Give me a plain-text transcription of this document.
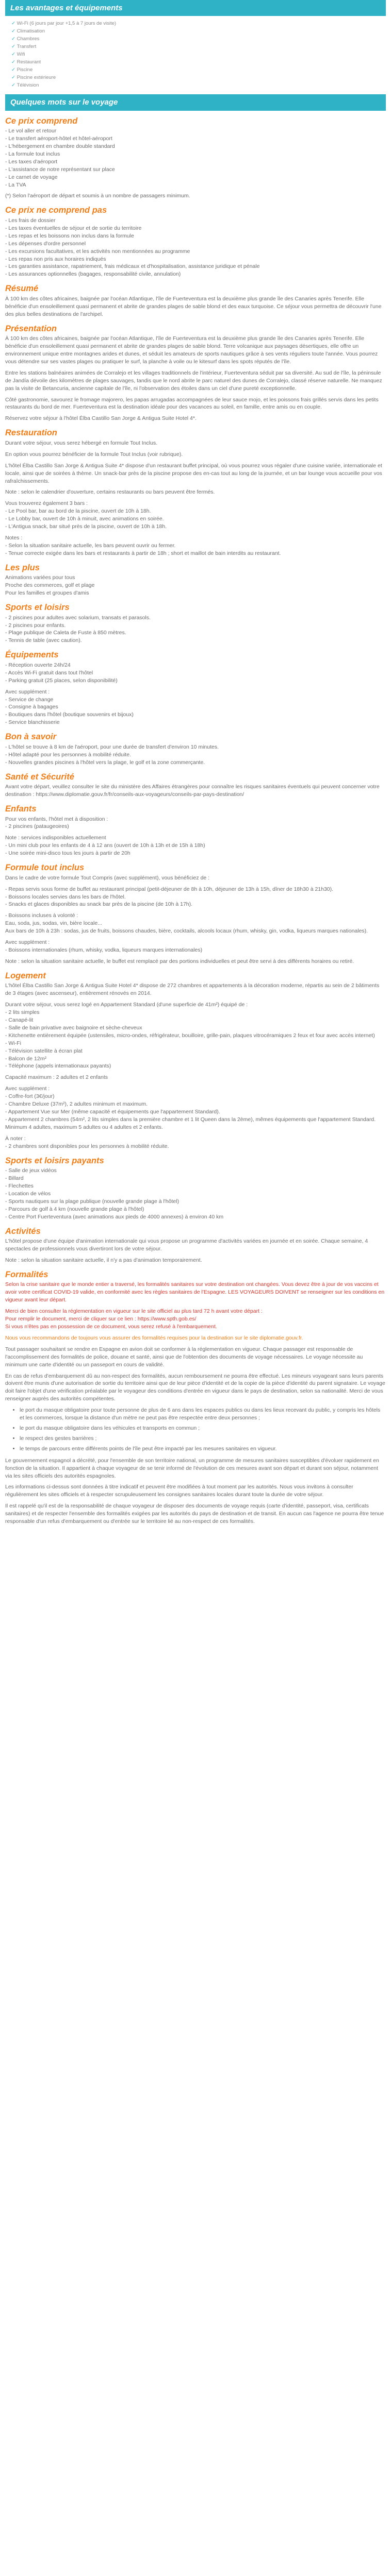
Les avantages et équipements
✓ Wi-Fi (6 jours par jour +1,5 à 7 jours de visite)
✓ Climatisation
✓ Chambres
✓ Transfert
✓ Wifi
✓ Restaurant
✓ Piscine
✓ Piscine extérieure
✓ Télévision
Quelques mots sur le voyage
Ce prix comprend
- Le vol aller et retour
- Le transfert aéroport-hôtel et hôtel-aéroport
- L'hébergement en chambre double standard
- La formule tout inclus
- Les taxes d'aéroport
- L'assistance de notre représentant sur place
- Le carnet de voyage
- La TVA

(*) Selon l'aéroport de départ et soumis à un nombre de passagers minimum.

Ce prix ne comprend pas
- Les frais de dossier
- Les taxes éventuelles de séjour et de sortie du territoire
- Les repas et les boissons non inclus dans la formule
- Les dépenses d'ordre personnel
- Les excursions facultatives, et les activités non mentionnées au programme
- Les repas non pris aux horaires indiqués
- Les garanties assistance, rapatriement, frais médicaux et d'hospitalisation, assistance juridique et pénale
- Les assurances optionnelles (bagages, responsabilité civile, annulation)
Résumé

À 100 km des côtes africaines, baignée par l'océan Atlantique, l'île de Fuerteventura est la deuxième plus grande île des Canaries après Tenerife. Elle bénéficie d'un ensoleillement quasi permanent et abrite de grandes plages de sable blond et des eaux turquoise. Ce séjour vous permettra de découvrir l'une des plus belles destinations de l'archipel.

Présentation

À 100 km des côtes africaines, baignée par l'océan Atlantique, l'île de Fuerteventura est la deuxième plus grande île des Canaries après Tenerife. Elle bénéficie d'un ensoleillement quasi permanent et abrite de grandes plages de sable blond. Terre volcanique aux paysages désertiques, elle offre un environnement unique entre montagnes arides et dunes, et séduit les amateurs de sports nautiques grâce à ses vents réguliers toute l'année. Vous pourrez vous détendre sur ses vastes plages ou pratiquer le surf, la planche à voile ou le kitesurf dans les spots réputés de l'île.

Entre les stations balnéaires animées de Corralejo et les villages traditionnels de l'intérieur, Fuerteventura séduit par sa diversité. Au sud de l'île, la péninsule de Jandía dévoile des kilomètres de plages sauvages, tandis que le nord abrite le parc naturel des dunes de Corralejo, classé réserve naturelle. Ne manquez pas la visite de Betancuria, ancienne capitale de l'île, ni l'observation des étoiles dans un ciel d'une pureté exceptionnelle.

Côté gastronomie, savourez le fromage majorero, les papas arrugadas accompagnées de leur sauce mojo, et les poissons frais grillés servis dans les petits restaurants du bord de mer. Fuerteventura est la destination idéale pour des vacances au soleil, en famille, entre amis ou en couple.

Réservez votre séjour à l'hôtel Élba Castillo San Jorge & Antigua Suite Hotel 4*.

Restauration

Durant votre séjour, vous serez hébergé en formule Tout Inclus.

En option vous pourrez bénéficier de la formule Tout Inclus (voir rubrique).

L'hôtel Élba Castillo San Jorge & Antigua Suite 4* dispose d'un restaurant buffet principal, où vous pourrez vous régaler d'une cuisine variée, internationale et locale, ainsi que de soirées à thème. Un snack-bar près de la piscine propose des en-cas tout au long de la journée, et un bar lounge vous accueille pour vos rafraîchissements.

Note : selon le calendrier d'ouverture, certains restaurants ou bars peuvent être fermés.

Vous trouverez également 3 bars :
- Le Pool bar, bar au bord de la piscine, ouvert de 10h à 18h.
- Le Lobby bar, ouvert de 10h à minuit, avec animations en soirée.
- L'Antigua snack, bar situé près de la piscine, ouvert de 10h à 18h.
Notes :
- Selon la situation sanitaire actuelle, les bars peuvent ouvrir ou fermer.
- Tenue correcte exigée dans les bars et restaurants à partir de 18h ; short et maillot de bain interdits au restaurant.
Les plus
Animations variées pour tous
Proche des commerces, golf et plage
Pour les familles et groupes d'amis
Sports et loisirs
- 2 piscines pour adultes avec solarium, transats et parasols.
- 2 piscines pour enfants.
- Plage publique de Caleta de Fuste à 850 mètres.
- Tennis de table (avec caution).
Équipements
- Réception ouverte 24h/24
- Accès Wi-Fi gratuit dans tout l'hôtel
- Parking gratuit (25 places, selon disponibilité)
Avec supplément :
- Service de change
- Consigne à bagages
- Boutiques dans l'hôtel (boutique souvenirs et bijoux)
- Service blanchisserie
Bon à savoir
- L'hôtel se trouve à 8 km de l'aéroport, pour une durée de transfert d'environ 10 minutes.
- Hôtel adapté pour les personnes à mobilité réduite.
- Nouvelles grandes piscines à l'hôtel vers la plage, le golf et la zone commerçante.
Santé et Sécurité

Avant votre départ, veuillez consulter le site du ministère des Affaires étrangères pour connaître les risques sanitaires éventuels qui peuvent concerner votre destination : https://www.diplomatie.gouv.fr/fr/conseils-aux-voyageurs/conseils-par-pays-destination/

Enfants
Pour vos enfants, l'hôtel met à disposition :
- 2 piscines (pataugeoires)
Note : services indisponibles actuellement
- Un mini club pour les enfants de 4 à 12 ans (ouvert de 10h à 13h et de 15h à 18h)
- Une soirée mini-disco tous les jours à partir de 20h
Formule tout inclus

Dans le cadre de votre formule Tout Compris (avec supplément), vous bénéficiez de :

- Repas servis sous forme de buffet au restaurant principal (petit-déjeuner de 8h à 10h, déjeuner de 13h à 15h, dîner de 18h30 à 21h30).
- Boissons locales servies dans les bars de l'hôtel.
- Snacks et glaces disponibles au snack bar près de la piscine (de 10h à 17h).
- Boissons incluses à volonté :
Eau, soda, jus, sodas, vin, bière locale...

Aux bars de 10h à 23h : sodas, jus de fruits, boissons chaudes, bière, cocktails, alcools locaux (rhum, whisky, gin, vodka, liqueurs marques nationales).

Avec supplément :

- Boissons internationales (rhum, whisky, vodka, liqueurs marques internationales)

Note : selon la situation sanitaire actuelle, le buffet est remplacé par des portions individuelles et peut être servi à des différents horaires ou retiré.

Logement

L'hôtel Élba Castillo San Jorge & Antigua Suite Hotel 4* dispose de 272 chambres et appartements à la décoration moderne, répartis au sein de 2 bâtiments de 3 étages (avec ascenseur), entièrement rénovés en 2014.

Durant votre séjour, vous serez logé en Appartement Standard (d'une superficie de 41m²) équipé de :
- 2 lits simples
- Canapé-lit
- Salle de bain privative avec baignoire et sèche-cheveux
- Kitchenette entièrement équipée (ustensiles, micro-ondes, réfrigérateur, bouilloire, grille-pain, plaques vitrocéramiques 2 feux et four avec accès internet)
- Wi-Fi
- Télévision satellite à écran plat
- Balcon de 12m²
- Téléphone (appels internationaux payants)

Capacité maximum : 2 adultes et 2 enfants

Avec supplément :
- Coffre-fort (3€/jour)
- Chambre Deluxe (37m²), 2 adultes minimum et maximum.
- Appartement Vue sur Mer (même capacité et équipements que l'appartement Standard).
- Appartement 2 chambres (54m², 2 lits simples dans la première chambre et 1 lit Queen dans la 2ème), mêmes équipements que l'appartement Standard. Minimum 4 adultes, maximum 5 adultes ou 4 adultes et 2 enfants.
À noter :

- 2 chambres sont disponibles pour les personnes à mobilité réduite.

Sports et loisirs payants
- Salle de jeux vidéos
- Billard
- Flechettes
- Location de vélos
- Sports nautiques sur la plage publique (nouvelle grande plage à l'hôtel)
- Parcours de golf à 4 km (nouvelle grande plage à l'hôtel)
- Centre Port Fuerteventura (avec animations aux pieds de 4000 annexes) à environ 40 km
Activités

L'hôtel propose d'une équipe d'animation internationale qui vous propose un programme d'activités variées en journée et en soirée. Chaque semaine, 4 spectacles de professionnels vous divertiront lors de votre séjour.

Note : selon la situation sanitaire actuelle, il n'y a pas d'animation temporairement.

Formalités

Selon la crise sanitaire que le monde entier a traversé, les formalités sanitaires sur votre destination ont changées. Vous devez être à jour de vos vaccins et avoir votre certificat COVID-19 valide, en conformité avec les règles sanitaires de l'Espagne. LES VOYAGEURS DOIVENT se renseigner sur les conditions en vigueur avant leur départ.

Merci de bien consulter la réglementation en vigueur sur le site officiel au plus tard 72 h avant votre départ :
Pour remplir le document, merci de cliquer sur ce lien : https://www.spth.gob.es/

Si vous n'êtes pas en possession de ce document, vous serez refusé à l'embarquement.

Nous vous recommandons de toujours vous assurer des formalités requises pour la destination sur le site diplomatie.gouv.fr.

Tout passager souhaitant se rendre en Espagne en avion doit se conformer à la réglementation en vigueur. Chaque passager est responsable de l'accomplissement des formalités de police, douane et santé, ainsi que de l'obtention des documents de voyage nécessaires. Le voyage nécessite au minimum une carte d'identité ou un passeport en cours de validité.

En cas de refus d'embarquement dû au non-respect des formalités, aucun remboursement ne pourra être effectué. Les mineurs voyageant sans leurs parents doivent être munis d'une autorisation de sortie du territoire ainsi que de leur pièce d'identité et de la copie de la pièce d'identité du parent signataire. Le voyage doit faire l'objet d'une vérification préalable par le voyageur des conditions d'entrée en vigueur dans le pays de destination, selon sa nationalité. Merci de vous renseigner auprès des autorités compétentes.

• le port du masque obligatoire pour toute personne de plus de 6 ans dans les espaces publics ou dans les lieux recevant du public, y compris les hôtels et les commerces, lorsque la distance d'un mètre ne peut pas être respectée entre deux personnes ;
• le port du masque obligatoire dans les véhicules et transports en commun ;
• le respect des gestes barrières ;
• le temps de parcours entre différents points de l'île peut être impacté par les mesures sanitaires en vigueur.

Le gouvernement espagnol a décrété, pour l'ensemble de son territoire national, un programme de mesures sanitaires susceptibles d'évoluer rapidement en fonction de la situation. Il appartient à chaque voyageur de se tenir informé de l'évolution de ces mesures avant son départ et durant son séjour, notamment via les sites officiels des autorités espagnoles.

Les informations ci-dessus sont données à titre indicatif et peuvent être modifiées à tout moment par les autorités. Nous vous invitons à consulter régulièrement les sites officiels et à respecter scrupuleusement les consignes sanitaires locales durant toute la durée de votre séjour.

Il est rappelé qu'il est de la responsabilité de chaque voyageur de disposer des documents de voyage requis (carte d'identité, passeport, visa, certificats sanitaires) et de respecter l'ensemble des formalités exigées par les autorités du pays de destination et de transit. En aucun cas l'agence ne pourra être tenue responsable d'un refus d'embarquement ou d'entrée sur le territoire lié au non-respect de ces formalités.
